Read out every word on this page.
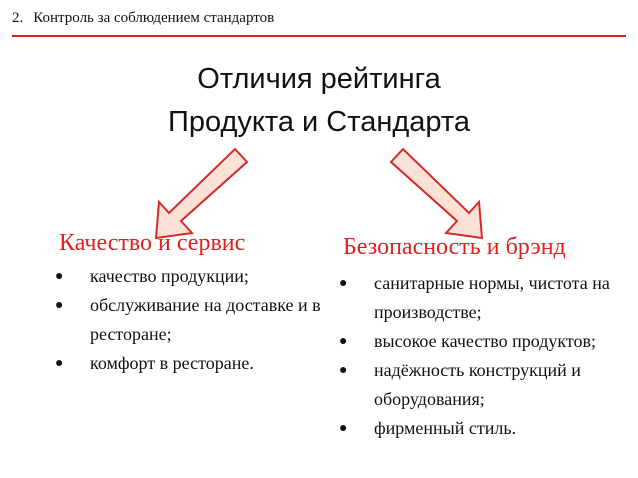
2. Контроль за соблюдением стандартов
Отличия рейтинга
Продукта и Стандарта
Качество и сервис	Безопасность и брэнд
● качество продукции;
● обслуживание на доставке и в ресторане;
● комфорт в ресторане.
● санитарные нормы, чистота на производстве;
● высокое качество продуктов;
● надёжность конструкций и оборудования;
● фирменный стиль.
